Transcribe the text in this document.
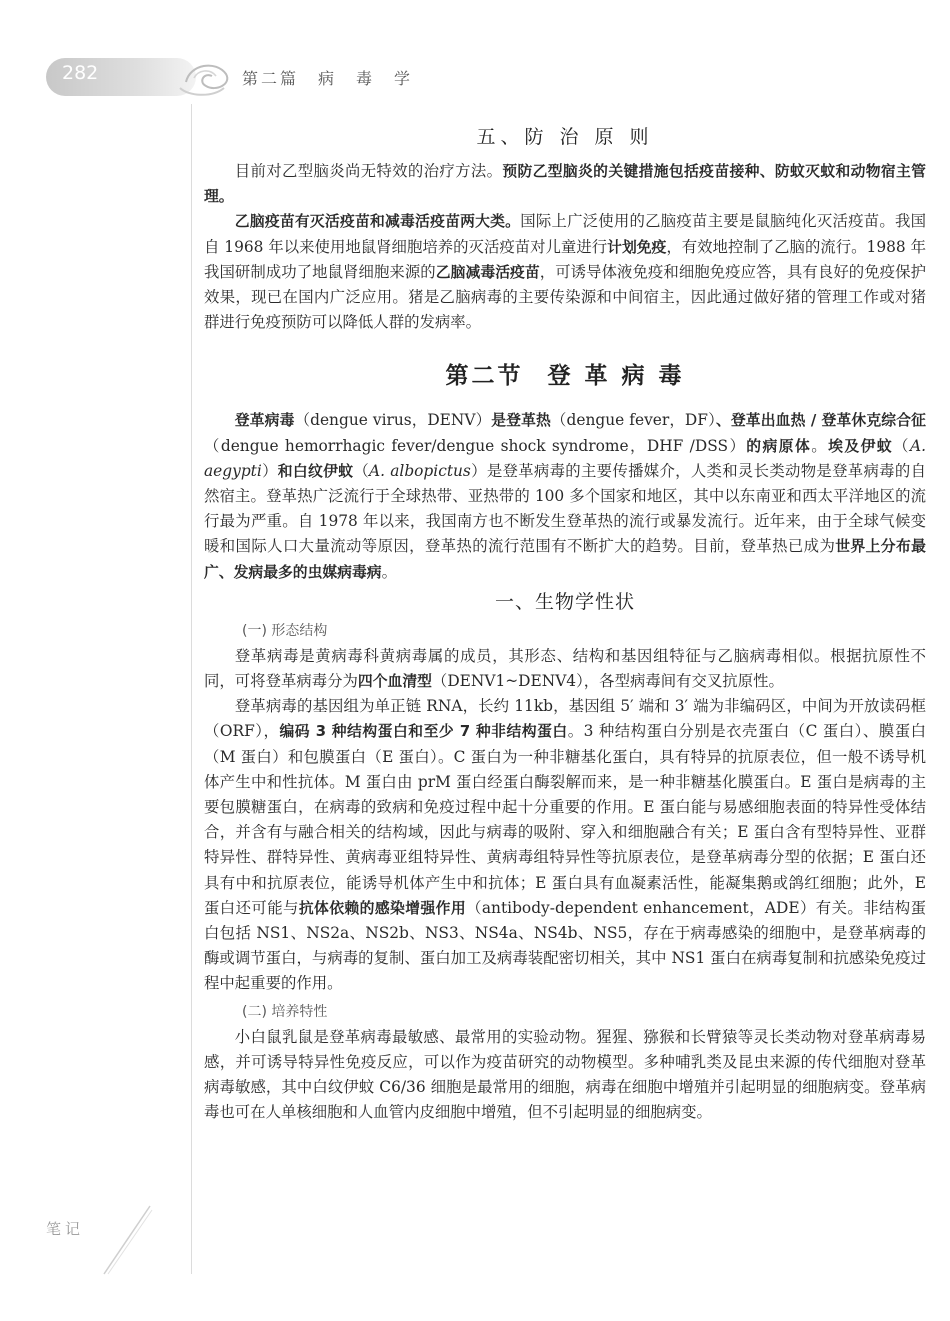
282	第二篇　病　毒　学
五、防 治 原 则

目前对乙型脑炎尚无特效的治疗方法。预防乙型脑炎的关键措施包括疫苗接种、防蚊灭蚊和动物宿主管理。

乙脑疫苗有灭活疫苗和减毒活疫苗两大类。国际上广泛使用的乙脑疫苗主要是鼠脑纯化灭活疫苗。我国自 1968 年以来使用地鼠肾细胞培养的灭活疫苗对儿童进行计划免疫，有效地控制了乙脑的流行。1988 年我国研制成功了地鼠肾细胞来源的乙脑减毒活疫苗，可诱导体液免疫和细胞免疫应答，具有良好的免疫保护效果，现已在国内广泛应用。猪是乙脑病毒的主要传染源和中间宿主，因此通过做好猪的管理工作或对猪群进行免疫预防可以降低人群的发病率。

第二节 登 革 病 毒

登革病毒（dengue virus，DENV）是登革热（dengue fever，DF）、登革出血热 / 登革休克综合征（dengue hemorrhagic fever/dengue shock syndrome，DHF /DSS）的病原体。埃及伊蚊（A. aegypti）和白纹伊蚊（A. albopictus）是登革病毒的主要传播媒介，人类和灵长类动物是登革病毒的自然宿主。登革热广泛流行于全球热带、亚热带的 100 多个国家和地区，其中以东南亚和西太平洋地区的流行最为严重。自 1978 年以来，我国南方也不断发生登革热的流行或暴发流行。近年来，由于全球气候变暖和国际人口大量流动等原因，登革热的流行范围有不断扩大的趋势。目前，登革热已成为世界上分布最广、发病最多的虫媒病毒病。

一、生物学性状
(一) 形态结构

登革病毒是黄病毒科黄病毒属的成员，其形态、结构和基因组特征与乙脑病毒相似。根据抗原性不同，可将登革病毒分为四个血清型（DENV1~DENV4），各型病毒间有交叉抗原性。

登革病毒的基因组为单正链 RNA，长约 11kb，基因组 5′ 端和 3′ 端为非编码区，中间为开放读码框（ORF），编码 3 种结构蛋白和至少 7 种非结构蛋白。3 种结构蛋白分别是衣壳蛋白（C 蛋白）、膜蛋白（M 蛋白）和包膜蛋白（E 蛋白）。C 蛋白为一种非糖基化蛋白，具有特异的抗原表位，但一般不诱导机体产生中和性抗体。M 蛋白由 prM 蛋白经蛋白酶裂解而来，是一种非糖基化膜蛋白。E 蛋白是病毒的主要包膜糖蛋白，在病毒的致病和免疫过程中起十分重要的作用。E 蛋白能与易感细胞表面的特异性受体结合，并含有与融合相关的结构域，因此与病毒的吸附、穿入和细胞融合有关；E 蛋白含有型特异性、亚群特异性、群特异性、黄病毒亚组特异性、黄病毒组特异性等抗原表位，是登革病毒分型的依据；E 蛋白还具有中和抗原表位，能诱导机体产生中和抗体；E 蛋白具有血凝素活性，能凝集鹅或鸽红细胞；此外，E 蛋白还可能与抗体依赖的感染增强作用（antibody-dependent enhancement，ADE）有关。非结构蛋白包括 NS1、NS2a、NS2b、NS3、NS4a、NS4b、NS5，存在于病毒感染的细胞中，是登革病毒的酶或调节蛋白，与病毒的复制、蛋白加工及病毒装配密切相关，其中 NS1 蛋白在病毒复制和抗感染免疫过程中起重要的作用。

(二) 培养特性

小白鼠乳鼠是登革病毒最敏感、最常用的实验动物。猩猩、猕猴和长臂猿等灵长类动物对登革病毒易感，并可诱导特异性免疫反应，可以作为疫苗研究的动物模型。多种哺乳类及昆虫来源的传代细胞对登革病毒敏感，其中白纹伊蚊 C6/36 细胞是最常用的细胞，病毒在细胞中增殖并引起明显的细胞病变。登革病毒也可在人单核细胞和人血管内皮细胞中增殖，但不引起明显的细胞病变。

笔记
